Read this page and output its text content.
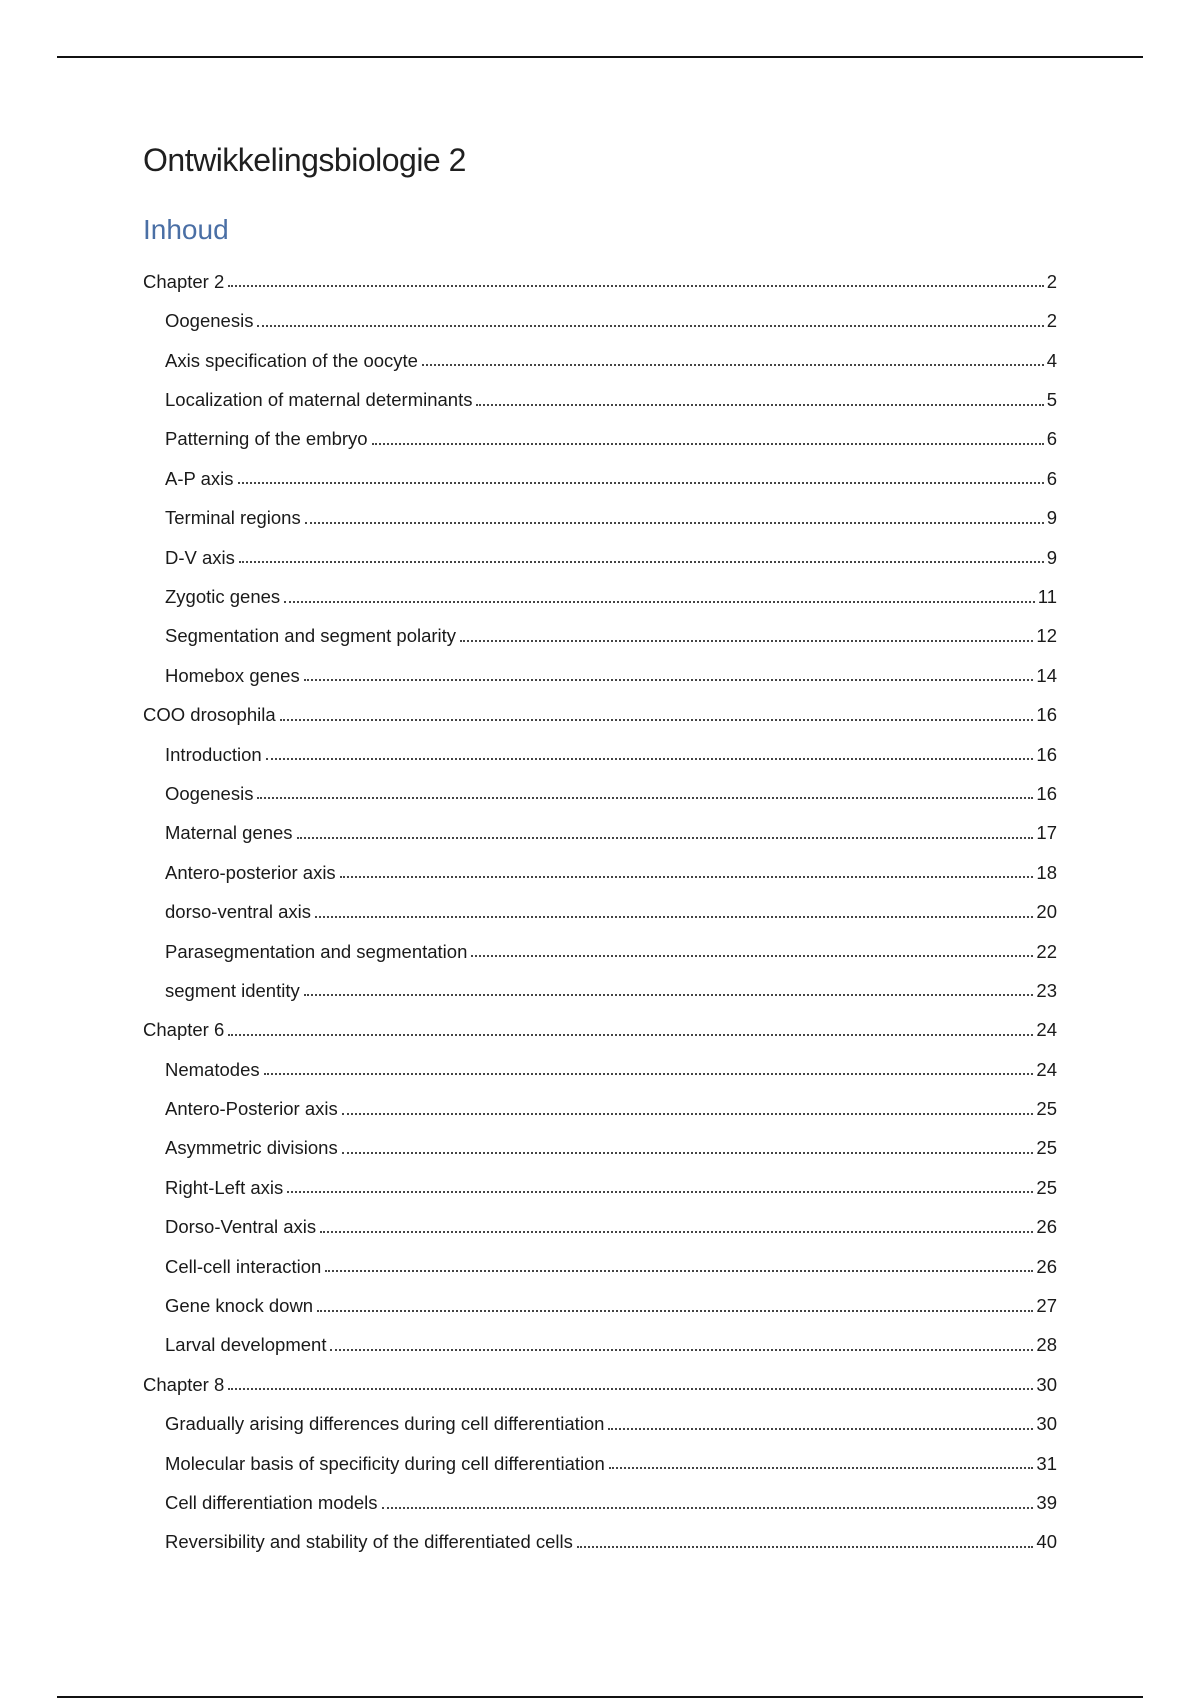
Ontwikkelingsbiologie 2
Inhoud
Chapter 2	2
Oogenesis	2
Axis specification of the oocyte	4
Localization of maternal determinants	5
Patterning of the embryo	6
A-P axis	6
Terminal regions	9
D-V axis	9
Zygotic genes	11
Segmentation and segment polarity	12
Homebox genes	14
COO drosophila	16
Introduction	16
Oogenesis	16
Maternal genes	17
Antero-posterior axis	18
dorso-ventral axis	20
Parasegmentation and segmentation	22
segment identity	23
Chapter 6	24
Nematodes	24
Antero-Posterior axis	25
Asymmetric divisions	25
Right-Left axis	25
Dorso-Ventral axis	26
Cell-cell interaction	26
Gene knock down	27
Larval development	28
Chapter 8	30
Gradually arising differences during cell differentiation	30
Molecular basis of specificity during cell differentiation	31
Cell differentiation models	39
Reversibility and stability of the differentiated cells	40
